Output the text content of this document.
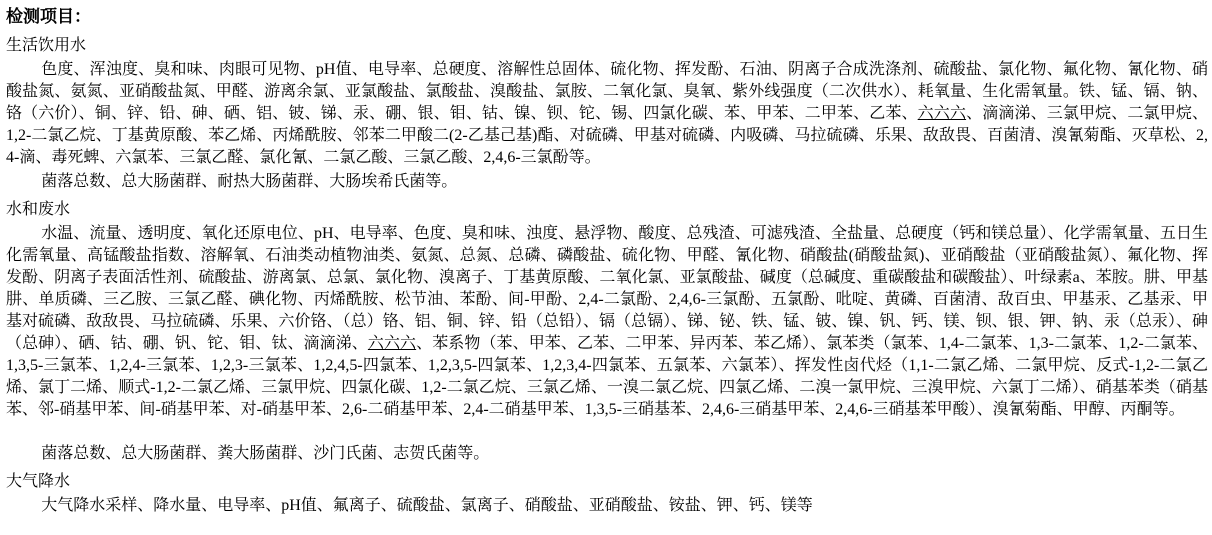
检测项目：
生活饮用水

色度、浑浊度、臭和味、肉眼可见物、pH值、电导率、总硬度、溶解性总固体、硫化物、挥发酚、石油、阴离子合成洗涤剂、硫酸盐、氯化物、氟化物、氰化物、硝酸盐氮、氨氮、亚硝酸盐氮、甲醛、游离余氯、亚氯酸盐、氯酸盐、溴酸盐、氯胺、二氧化氯、臭氧、紫外线强度（二次供水）、耗氧量、生化需氧量。铁、锰、镉、钠、铬（六价）、铜、锌、铅、砷、硒、铝、铍、锑、汞、硼、银、钼、钴、镍、钡、铊、锡、四氯化碳、苯、甲苯、二甲苯、乙苯、六六六、滴滴涕、三氯甲烷、二氯甲烷、1,2-二氯乙烷、丁基黄原酸、苯乙烯、丙烯酰胺、邻苯二甲酸二(2-乙基己基)酯、对硫磷、甲基对硫磷、内吸磷、马拉硫磷、乐果、敌敌畏、百菌清、溴氰菊酯、灭草松、2,4-滴、毒死蜱、六氯苯、三氯乙醛、氯化氰、二氯乙酸、三氯乙酸、2,4,6-三氯酚等。

菌落总数、总大肠菌群、耐热大肠菌群、大肠埃希氏菌等。

水和废水

水温、流量、透明度、氧化还原电位、pH、电导率、色度、臭和味、浊度、悬浮物、酸度、总残渣、可滤残渣、全盐量、总硬度（钙和镁总量）、化学需氧量、五日生化需氧量、高锰酸盐指数、溶解氧、石油类动植物油类、氨氮、总氮、总磷、磷酸盐、硫化物、甲醛、氰化物、硝酸盐(硝酸盐氮)、亚硝酸盐（亚硝酸盐氮）、氟化物、挥发酚、阴离子表面活性剂、硫酸盐、游离氯、总氯、氯化物、溴离子、丁基黄原酸、二氧化氯、亚氯酸盐、碱度（总碱度、重碳酸盐和碳酸盐）、叶绿素a、苯胺。肼、甲基肼、单质磷、三乙胺、三氯乙醛、碘化物、丙烯酰胺、松节油、苯酚、间-甲酚、2,4-二氯酚、2,4,6-三氯酚、五氯酚、吡啶、黄磷、百菌清、敌百虫、甲基汞、乙基汞、甲基对硫磷、敌敌畏、马拉硫磷、乐果、六价铬、（总）铬、铝、铜、锌、铅（总铅）、镉（总镉）、锑、铋、铁、锰、铍、镍、钒、钙、镁、钡、银、钾、钠、汞（总汞）、砷（总砷）、硒、钴、硼、钒、铊、钼、钛、滴滴涕、六六六、苯系物（苯、甲苯、乙苯、二甲苯、异丙苯、苯乙烯）、氯苯类（氯苯、1,4-二氯苯、1,3-二氯苯、1,2-二氯苯、1,3,5-三氯苯、1,2,4-三氯苯、1,2,3-三氯苯、1,2,4,5-四氯苯、1,2,3,5-四氯苯、1,2,3,4-四氯苯、五氯苯、六氯苯）、挥发性卤代烃（1,1-二氯乙烯、二氯甲烷、反式-1,2-二氯乙烯、氯丁二烯、顺式-1,2-二氯乙烯、三氯甲烷、四氯化碳、1,2-二氯乙烷、三氯乙烯、一溴二氯乙烷、四氯乙烯、二溴一氯甲烷、三溴甲烷、六氯丁二烯）、硝基苯类（硝基苯、邻-硝基甲苯、间-硝基甲苯、对-硝基甲苯、2,6-二硝基甲苯、2,4-二硝基甲苯、1,3,5-三硝基苯、2,4,6-三硝基甲苯、2,4,6-三硝基苯甲酸）、溴氰菊酯、甲醇、丙酮等。

菌落总数、总大肠菌群、粪大肠菌群、沙门氏菌、志贺氏菌等。

大气降水

大气降水采样、降水量、电导率、pH值、氟离子、硫酸盐、氯离子、硝酸盐、亚硝酸盐、铵盐、钾、钙、镁等
